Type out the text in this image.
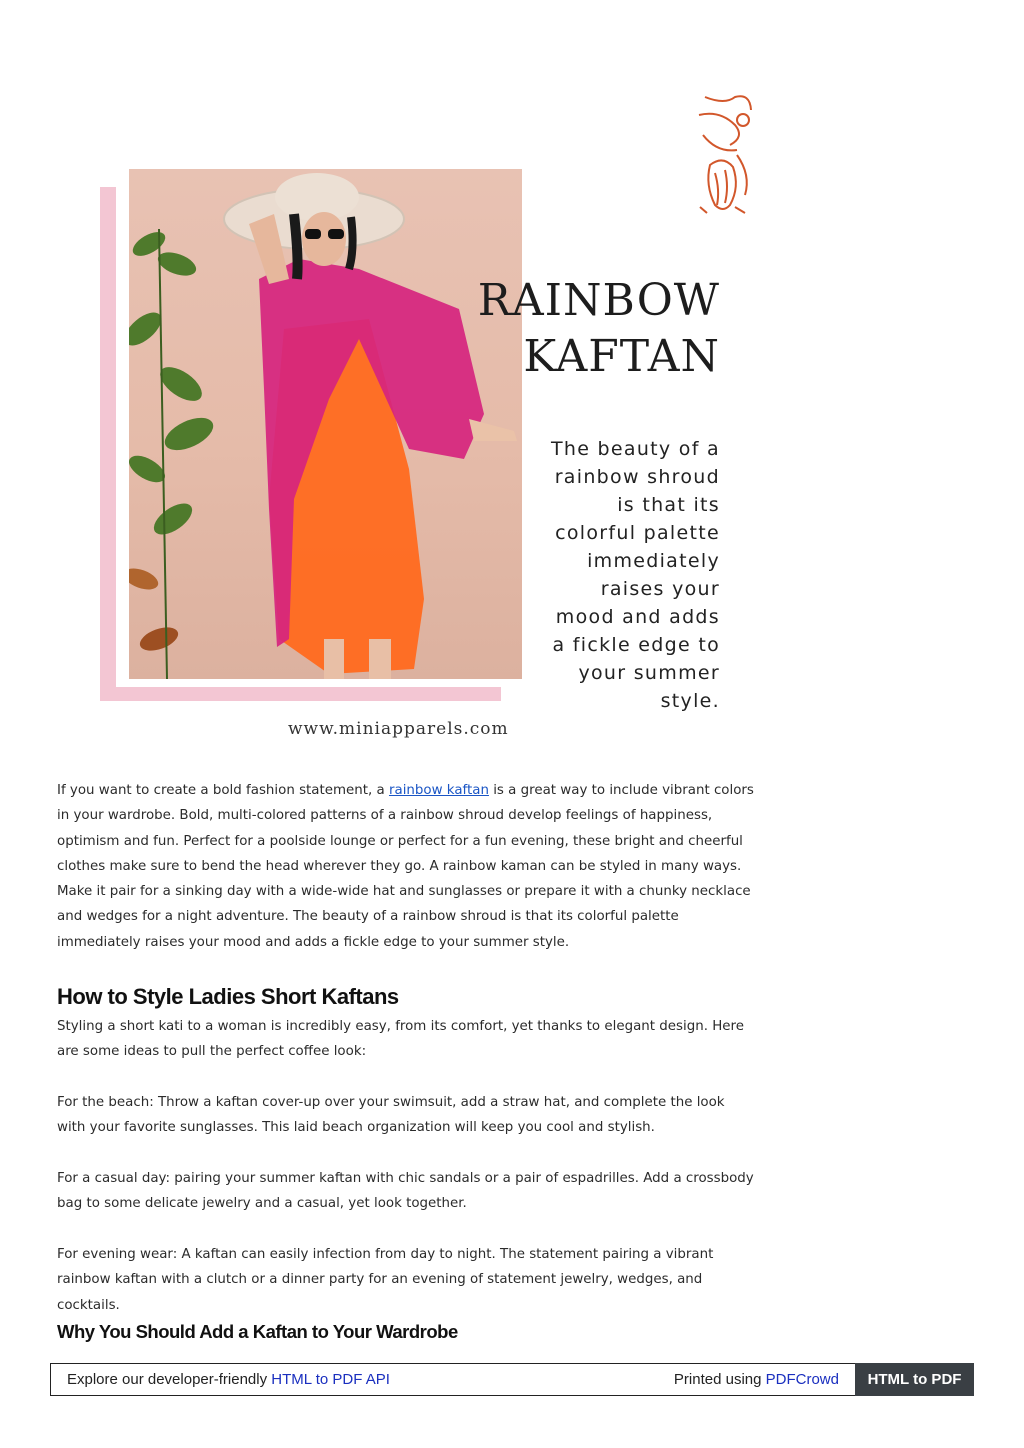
RAINBOW
KAFTAN
The beauty of a
rainbow shroud
is that its
colorful palette
immediately
raises your
mood and adds
a fickle edge to
your summer
style.
www.miniapparels.com

If you want to create a bold fashion statement, a rainbow kaftan is a great way to include vibrant colors in your wardrobe. Bold, multi-colored patterns of a rainbow shroud develop feelings of happiness, optimism and fun. Perfect for a poolside lounge or perfect for a fun evening, these bright and cheerful clothes make sure to bend the head wherever they go. A rainbow kaman can be styled in many ways. Make it pair for a sinking day with a wide-wide hat and sunglasses or prepare it with a chunky necklace and wedges for a night adventure. The beauty of a rainbow shroud is that its colorful palette immediately raises your mood and adds a fickle edge to your summer style.

How to Style Ladies Short Kaftans

Styling a short kati to a woman is incredibly easy, from its comfort, yet thanks to elegant design. Here are some ideas to pull the perfect coffee look:

For the beach: Throw a kaftan cover-up over your swimsuit, add a straw hat, and complete the look with your favorite sunglasses. This laid beach organization will keep you cool and stylish.

For a casual day: pairing your summer kaftan with chic sandals or a pair of espadrilles. Add a crossbody bag to some delicate jewelry and a casual, yet look together.

For evening wear: A kaftan can easily infection from day to night. The statement pairing a vibrant rainbow kaftan with a clutch or a dinner party for an evening of statement jewelry, wedges, and cocktails.

Why You Should Add a Kaftan to Your Wardrobe
Explore our developer-friendly HTML to PDF API	Printed using PDFCrowd	HTML to PDF
